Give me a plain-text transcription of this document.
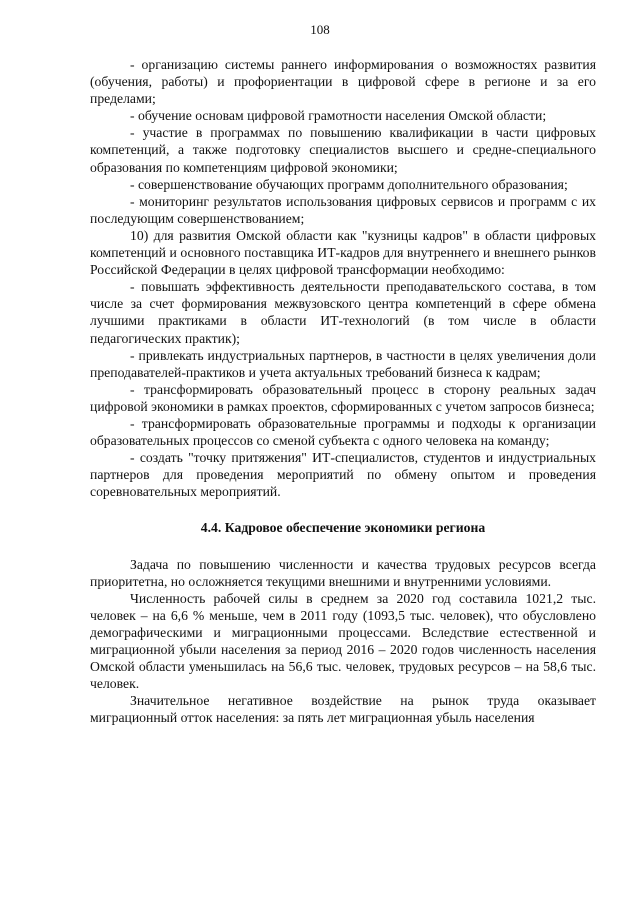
108

- организацию системы раннего информирования о возможностях развития (обучения, работы) и профориентации в цифровой сфере в регионе и за его пределами;

- обучение основам цифровой грамотности населения Омской области;

- участие в программах по повышению квалификации в части цифровых компетенций, а также подготовку специалистов высшего и средне-специального образования по компетенциям цифровой экономики;

- совершенствование обучающих программ дополнительного образования;

- мониторинг результатов использования цифровых сервисов и программ с их последующим совершенствованием;

10) для развития Омской области как "кузницы кадров" в области цифровых компетенций и основного поставщика ИТ-кадров для внутреннего и внешнего рынков Российской Федерации в целях цифровой трансформации необходимо:

- повышать эффективность деятельности преподавательского состава, в том числе за счет формирования межвузовского центра компетенций в сфере обмена лучшими практиками в области ИТ-технологий (в том числе в области педагогических практик);

- привлекать индустриальных партнеров, в частности в целях увеличения доли преподавателей-практиков и учета актуальных требований бизнеса к кадрам;

- трансформировать образовательный процесс в сторону реальных задач цифровой экономики в рамках проектов, сформированных с учетом запросов бизнеса;

- трансформировать образовательные программы и подходы к организации образовательных процессов со сменой субъекта с одного человека на команду;

- создать "точку притяжения" ИТ-специалистов, студентов и индустриальных партнеров для проведения мероприятий по обмену опытом и проведения соревновательных мероприятий.

4.4. Кадровое обеспечение экономики региона

Задача по повышению численности и качества трудовых ресурсов всегда приоритетна, но осложняется текущими внешними и внутренними условиями.

Численность рабочей силы в среднем за 2020 год составила 1021,2 тыс. человек – на 6,6 % меньше, чем в 2011 году (1093,5 тыс. человек), что обусловлено демографическими и миграционными процессами. Вследствие естественной и миграционной убыли населения за период 2016 – 2020 годов численность населения Омской области уменьшилась на 56,6 тыс. человек, трудовых ресурсов – на 58,6 тыс. человек.

Значительное негативное воздействие на рынок труда оказывает миграционный отток населения: за пять лет миграционная убыль населения
